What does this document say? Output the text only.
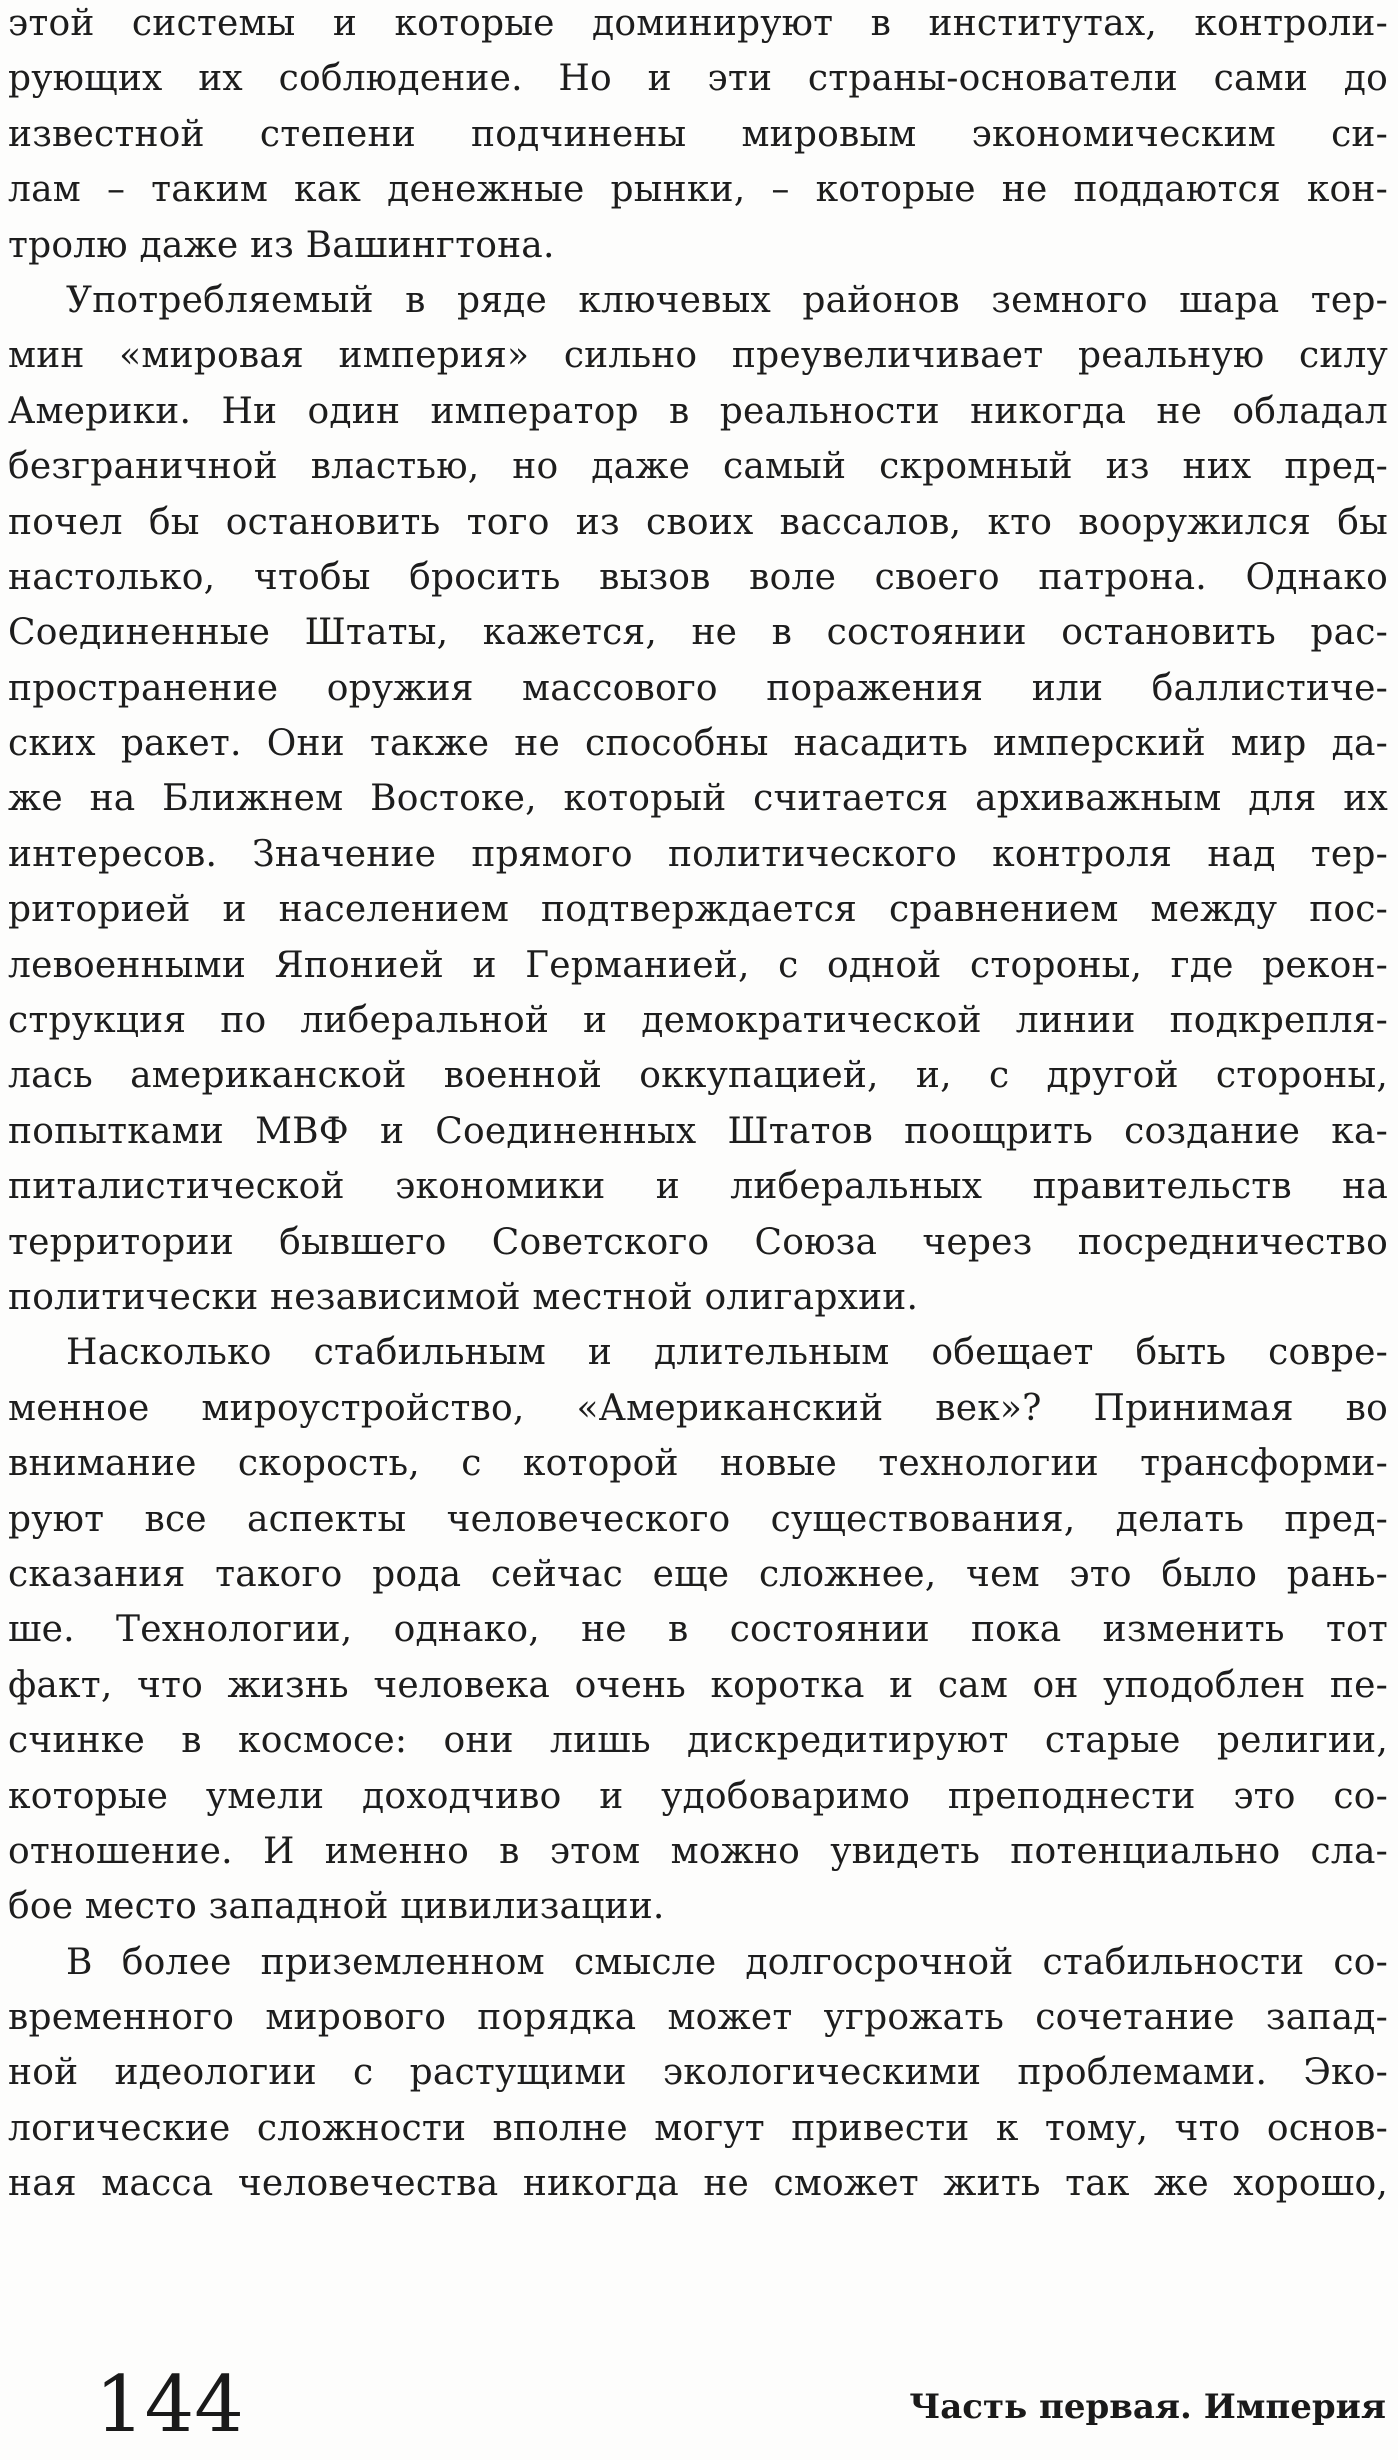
этой системы и которые доминируют в институтах, контроли-
рующих их соблюдение. Но и эти страны-основатели сами до
известной степени подчинены мировым экономическим си-
лам – таким как денежные рынки, – которые не поддаются кон-
тролю даже из Вашингтона.
Употребляемый в ряде ключевых районов земного шара тер-
мин «мировая империя» сильно преувеличивает реальную силу
Америки. Ни один император в реальности никогда не обладал
безграничной властью, но даже самый скромный из них пред-
почел бы остановить того из своих вассалов, кто вооружился бы
настолько, чтобы бросить вызов воле своего патрона. Однако
Соединенные Штаты, кажется, не в состоянии остановить рас-
пространение оружия массового поражения или баллистиче-
ских ракет. Они также не способны насадить имперский мир да-
же на Ближнем Востоке, который считается архиважным для их
интересов. Значение прямого политического контроля над тер-
риторией и населением подтверждается сравнением между пос-
левоенными Японией и Германией, с одной стороны, где рекон-
струкция по либеральной и демократической линии подкрепля-
лась американской военной оккупацией, и, с другой стороны,
попытками МВФ и Соединенных Штатов поощрить создание ка-
питалистической экономики и либеральных правительств на
территории бывшего Советского Союза через посредничество
политически независимой местной олигархии.
Насколько стабильным и длительным обещает быть совре-
менное мироустройство, «Американский век»? Принимая во
внимание скорость, с которой новые технологии трансформи-
руют все аспекты человеческого существования, делать пред-
сказания такого рода сейчас еще сложнее, чем это было рань-
ше. Технологии, однако, не в состоянии пока изменить тот
факт, что жизнь человека очень коротка и сам он уподоблен пе-
счинке в космосе: они лишь дискредитируют старые религии,
которые умели доходчиво и удобоваримо преподнести это со-
отношение. И именно в этом можно увидеть потенциально сла-
бое место западной цивилизации.
В более приземленном смысле долгосрочной стабильности со-
временного мирового порядка может угрожать сочетание запад-
ной идеологии с растущими экологическими проблемами. Эко-
логические сложности вполне могут привести к тому, что основ-
ная масса человечества никогда не сможет жить так же хорошо,
144	Часть первая. Империя
